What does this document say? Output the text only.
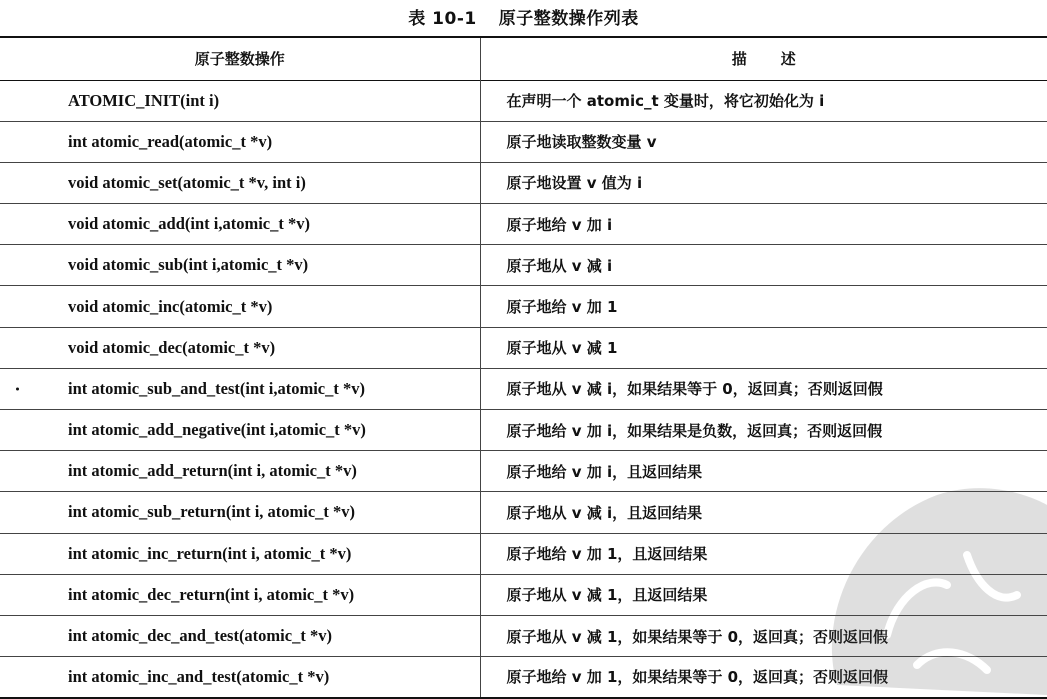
表 10-1 原子整数操作列表
原子整数操作	描述
ATOMIC_INIT(int i)	在声明一个 atomic_t 变量时，将它初始化为 i
int atomic_read(atomic_t *v)	原子地读取整数变量 v
void atomic_set(atomic_t *v, int i)	原子地设置 v 值为 i
void atomic_add(int i,atomic_t *v)	原子地给 v 加 i
void atomic_sub(int i,atomic_t *v)	原子地从 v 减 i
void atomic_inc(atomic_t *v)	原子地给 v 加 1
void atomic_dec(atomic_t *v)	原子地从 v 减 1

int atomic_sub_and_test(int i,atomic_t *v)	原子地从 v 减 i，如果结果等于 0，返回真；否则返回假
int atomic_add_negative(int i,atomic_t *v)	原子地给 v 加 i，如果结果是负数，返回真；否则返回假
int atomic_add_return(int i, atomic_t *v)	原子地给 v 加 i，且返回结果
int atomic_sub_return(int i, atomic_t *v)	原子地从 v 减 i，且返回结果
int atomic_inc_return(int i, atomic_t *v)	原子地给 v 加 1，且返回结果
int atomic_dec_return(int i, atomic_t *v)	原子地从 v 减 1，且返回结果
int atomic_dec_and_test(atomic_t *v)	原子地从 v 减 1，如果结果等于 0，返回真；否则返回假
int atomic_inc_and_test(atomic_t *v)	原子地给 v 加 1，如果结果等于 0，返回真；否则返回假
